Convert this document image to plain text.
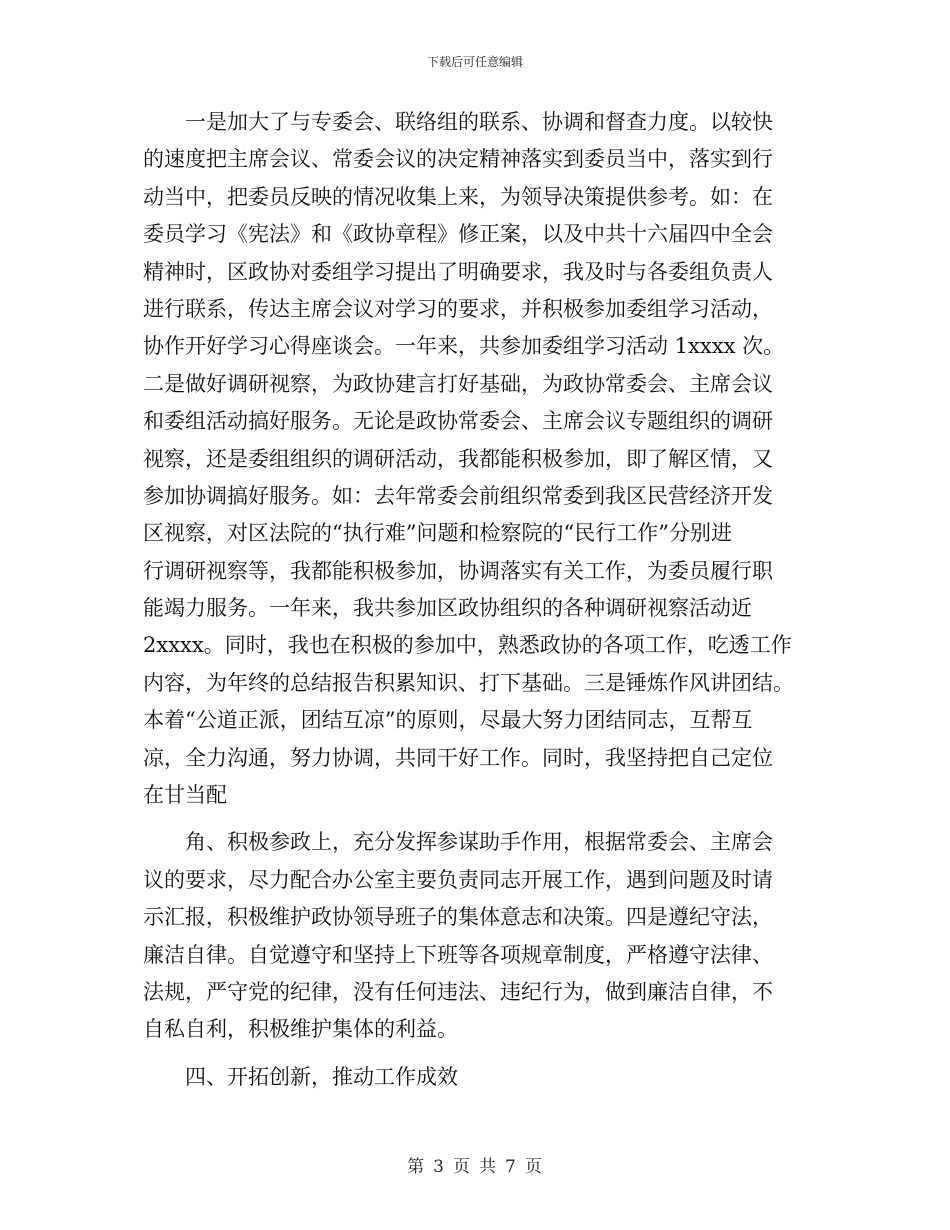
下载后可任意编辑
一是加大了与专委会、联络组的联系、协调和督查力度。以较快
的速度把主席会议、常委会议的决定精神落实到委员当中，落实到行
动当中，把委员反映的情况收集上来，为领导决策提供参考。如：在
委员学习《宪法》和《政协章程》修正案，以及中共十六届四中全会
精神时，区政协对委组学习提出了明确要求，我及时与各委组负责人
进行联系，传达主席会议对学习的要求，并积极参加委组学习活动，
协作开好学习心得座谈会。一年来，共参加委组学习活动 1xxxx 次。
二是做好调研视察，为政协建言打好基础，为政协常委会、主席会议
和委组活动搞好服务。无论是政协常委会、主席会议专题组织的调研
视察，还是委组组织的调研活动，我都能积极参加，即了解区情，又
参加协调搞好服务。如：去年常委会前组织常委到我区民营经济开发
区视察，对区法院的“执行难”问题和检察院的“民行工作”分别进
行调研视察等，我都能积极参加，协调落实有关工作，为委员履行职
能竭力服务。一年来，我共参加区政协组织的各种调研视察活动近
2xxxx。同时，我也在积极的参加中，熟悉政协的各项工作，吃透工作
内容，为年终的总结报告积累知识、打下基础。三是锤炼作风讲团结。
本着“公道正派，团结互凉”的原则，尽最大努力团结同志，互帮互
凉，全力沟通，努力协调，共同干好工作。同时，我坚持把自己定位
在甘当配
角、积极参政上，充分发挥参谋助手作用，根据常委会、主席会
议的要求，尽力配合办公室主要负责同志开展工作，遇到问题及时请
示汇报，积极维护政协领导班子的集体意志和决策。四是遵纪守法，
廉洁自律。自觉遵守和坚持上下班等各项规章制度，严格遵守法律、
法规，严守党的纪律，没有任何违法、违纪行为，做到廉洁自律，不
自私自利，积极维护集体的利益。
四、开拓创新，推动工作成效
第 3 页 共 7 页
